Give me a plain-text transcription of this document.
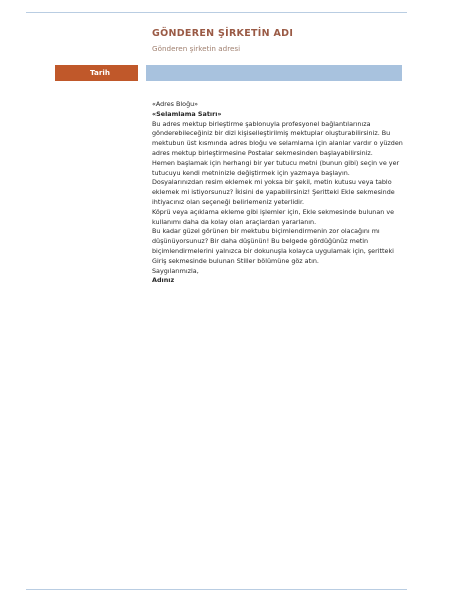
GÖNDEREN ŞİRKETİN ADI
Gönderen şirketin adresi
Tarih

«Adres Bloğu»

«Selamlama Satırı»

Bu adres mektup birleştirme şablonuyla profesyonel bağlantılarınıza gönderebileceğiniz bir dizi kişiselleştirilmiş mektuplar oluşturabilirsiniz. Bu mektubun üst kısmında adres bloğu ve selamlama için alanlar vardır o yüzden adres mektup birleştirmesine Postalar sekmesinden başlayabilirsiniz.

Hemen başlamak için herhangi bir yer tutucu metni (bunun gibi) seçin ve yer tutucuyu kendi metninizle değiştirmek için yazmaya başlayın.

Dosyalarınızdan resim eklemek mi yoksa bir şekil, metin kutusu veya tablo eklemek mi istiyorsunuz? İkisini de yapabilirsiniz! Şeritteki Ekle sekmesinde ihtiyacınız olan seçeneği belirlemeniz yeterlidir.

Köprü veya açıklama ekleme gibi işlemler için, Ekle sekmesinde bulunan ve kullanımı daha da kolay olan araçlardan yararlanın.

Bu kadar güzel görünen bir mektubu biçimlendirmenin zor olacağını mı düşünüyorsunuz? Bir daha düşünün! Bu belgede gördüğünüz metin biçimlendirmelerini yalnızca bir dokunuşla kolayca uygulamak için, şeritteki Giriş sekmesinde bulunan Stiller bölümüne göz atın.

Saygılarımızla,

Adınız
